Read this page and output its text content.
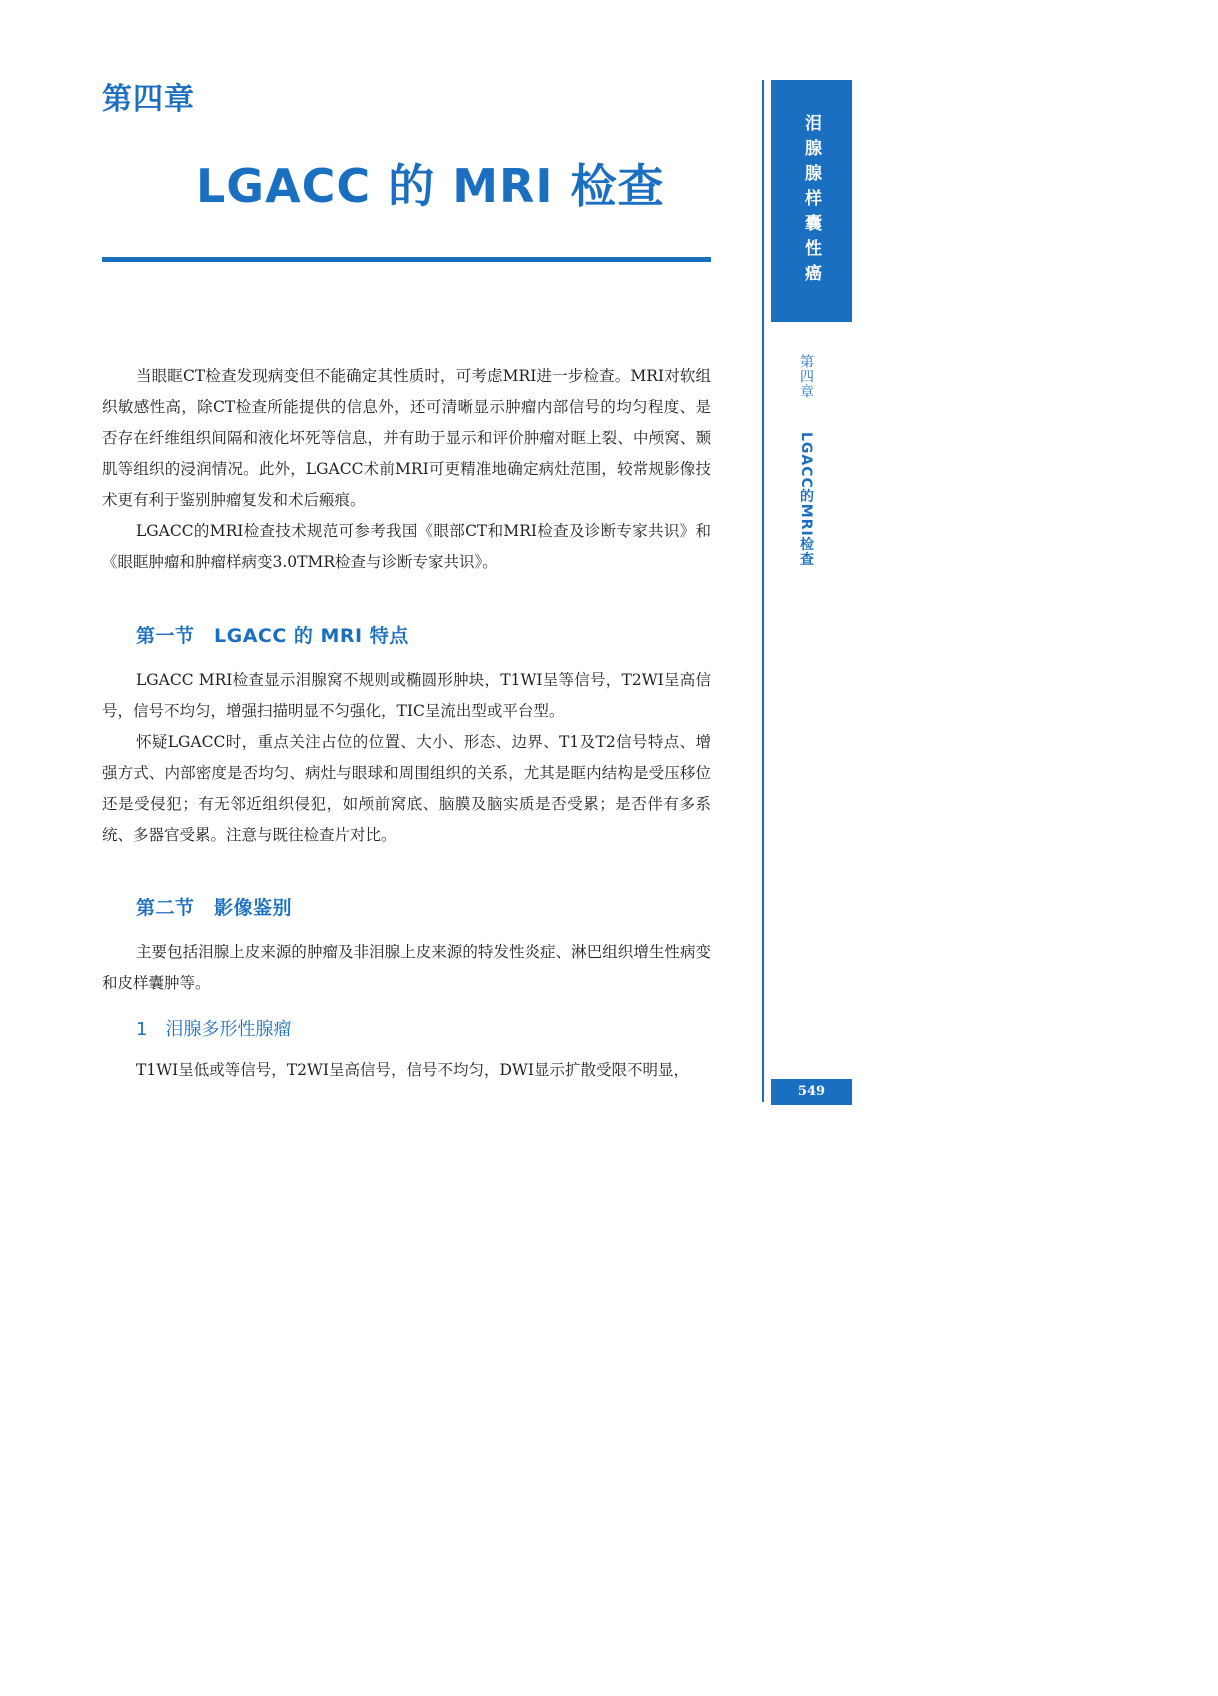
第四章
LGACC 的 MRI 检查

当眼眶CT检查发现病变但不能确定其性质时，可考虑MRI进一步检查。MRI对软组织敏感性高，除CT检查所能提供的信息外，还可清晰显示肿瘤内部信号的均匀程度、是否存在纤维组织间隔和液化坏死等信息，并有助于显示和评价肿瘤对眶上裂、中颅窝、颞肌等组织的浸润情况。此外，LGACC术前MRI可更精准地确定病灶范围，较常规影像技术更有利于鉴别肿瘤复发和术后瘢痕。

LGACC的MRI检查技术规范可参考我国《眼部CT和MRI检查及诊断专家共识》和《眼眶肿瘤和肿瘤样病变3.0TMR检查与诊断专家共识》。

第一节　LGACC 的 MRI 特点

LGACC MRI检查显示泪腺窝不规则或椭圆形肿块，T1WI呈等信号，T2WI呈高信号，信号不均匀，增强扫描明显不匀强化，TIC呈流出型或平台型。

怀疑LGACC时，重点关注占位的位置、大小、形态、边界、T1及T2信号特点、增强方式、内部密度是否均匀、病灶与眼球和周围组织的关系，尤其是眶内结构是受压移位还是受侵犯；有无邻近组织侵犯，如颅前窝底、脑膜及脑实质是否受累；是否伴有多系统、多器官受累。注意与既往检查片对比。

第二节　影像鉴别

主要包括泪腺上皮来源的肿瘤及非泪腺上皮来源的特发性炎症、淋巴组织增生性病变和皮样囊肿等。

1　泪腺多形性腺瘤

T1WI呈低或等信号，T2WI呈高信号，信号不均匀，DWI显示扩散受限不明显，

泪腺腺样囊性癌
第四章 LGACC的MRI检查
549
